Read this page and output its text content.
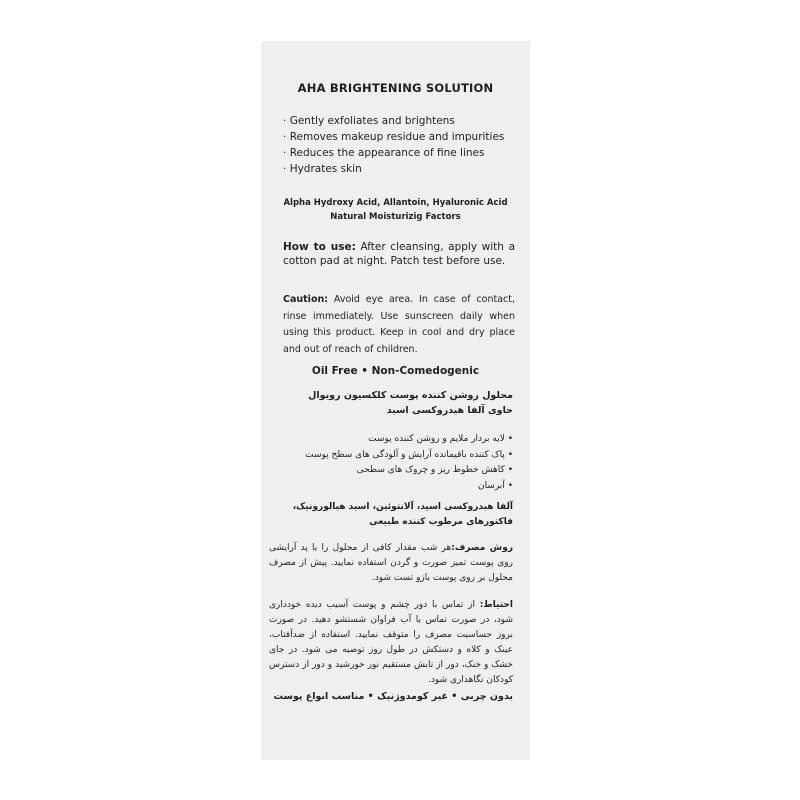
AHA BRIGHTENING SOLUTION
· Gently exfoliates and brightens
· Removes makeup residue and impurities
· Reduces the appearance of fine lines
· Hydrates skin
Alpha Hydroxy Acid, Allantoin, Hyaluronic Acid
Natural Moisturizig Factors
How to use: After cleansing, apply with a cotton pad at night. Patch test before use.
Caution: Avoid eye area. In case of contact, rinse immediately. Use sunscreen daily when using this product. Keep in cool and dry place and out of reach of children.
Oil Free • Non-Comedogenic
محلول روشن کننده پوست کلکسیون رویوال
حاوی آلفا هیدروکسی اسید
• لایه بردار ملایم و روشن کننده پوست
• پاک کننده باقیمانده آرایش و آلودگی های سطح پوست
• کاهش خطوط ریز و چروک های سطحی
• آبرسان
آلفا هیدروکسی اسید، آلانتوئین، اسید هیالورونیک،
فاکتورهای مرطوب کننده طبیعی
روش مصرف:هر شب مقدار کافی از محلول را با پد آرایشی روی پوست تمیز صورت و گردن استفاده نمایید. پیش از مصرف محلول بر روی پوست بازو تست شود.
احتیاط: از تماس با دور چشم و پوست آسیب دیده خودداری شود، در صورت تماس با آب فراوان شستشو دهید. در صورت بروز حساسیت مصرف را متوقف نمایید. استفاده از ضدآفتاب، عینک و کلاه و دستکش در طول روز توصیه می شود. در جای خشک و خنک، دور از تابش مستقیم نور خورشید و دور از دسترس کودکان نگاهداری شود.
بدون چربی • غیر کومدوژنیک • مناسب انواع پوست
